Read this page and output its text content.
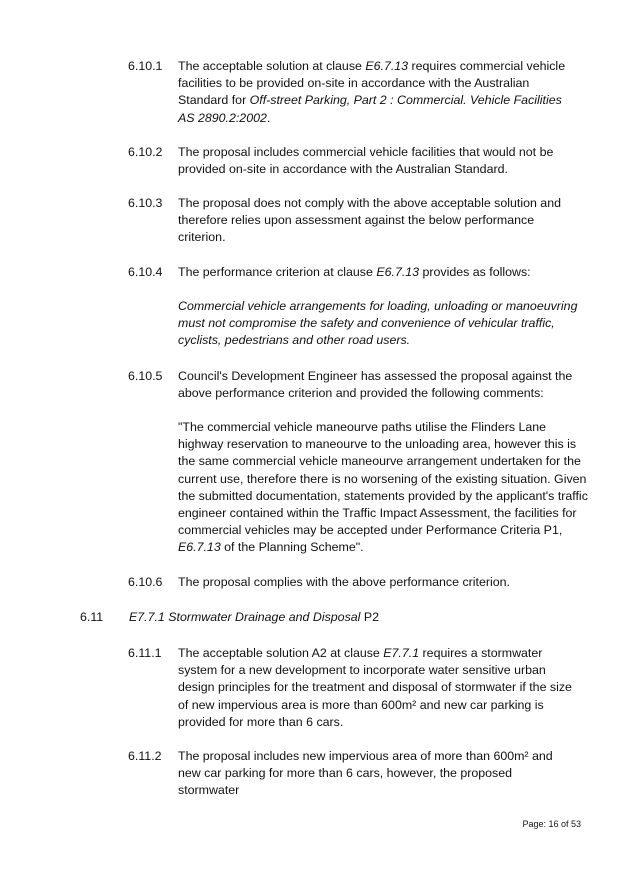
6.10.1 The acceptable solution at clause E6.7.13 requires commercial vehicle facilities to be provided on-site in accordance with the Australian Standard for Off-street Parking, Part 2 : Commercial. Vehicle Facilities AS 2890.2:2002.
6.10.2 The proposal includes commercial vehicle facilities that would not be provided on-site in accordance with the Australian Standard.
6.10.3 The proposal does not comply with the above acceptable solution and therefore relies upon assessment against the below performance criterion.
6.10.4 The performance criterion at clause E6.7.13 provides as follows:
Commercial vehicle arrangements for loading, unloading or manoeuvring must not compromise the safety and convenience of vehicular traffic, cyclists, pedestrians and other road users.
6.10.5 Council's Development Engineer has assessed the proposal against the above performance criterion and provided the following comments:
"The commercial vehicle maneourve paths utilise the Flinders Lane highway reservation to maneourve to the unloading area, however this is the same commercial vehicle maneourve arrangement undertaken for the current use, therefore there is no worsening of the existing situation. Given the submitted documentation, statements provided by the applicant's traffic engineer contained within the Traffic Impact Assessment, the facilities for commercial vehicles may be accepted under Performance Criteria P1, E6.7.13 of the Planning Scheme".
6.10.6 The proposal complies with the above performance criterion.
6.11 E7.7.1 Stormwater Drainage and Disposal P2
6.11.1 The acceptable solution A2 at clause E7.7.1 requires a stormwater system for a new development to incorporate water sensitive urban design principles for the treatment and disposal of stormwater if the size of new impervious area is more than 600m² and new car parking is provided for more than 6 cars.
6.11.2 The proposal includes new impervious area of more than 600m² and new car parking for more than 6 cars, however, the proposed stormwater
Page: 16 of 53
